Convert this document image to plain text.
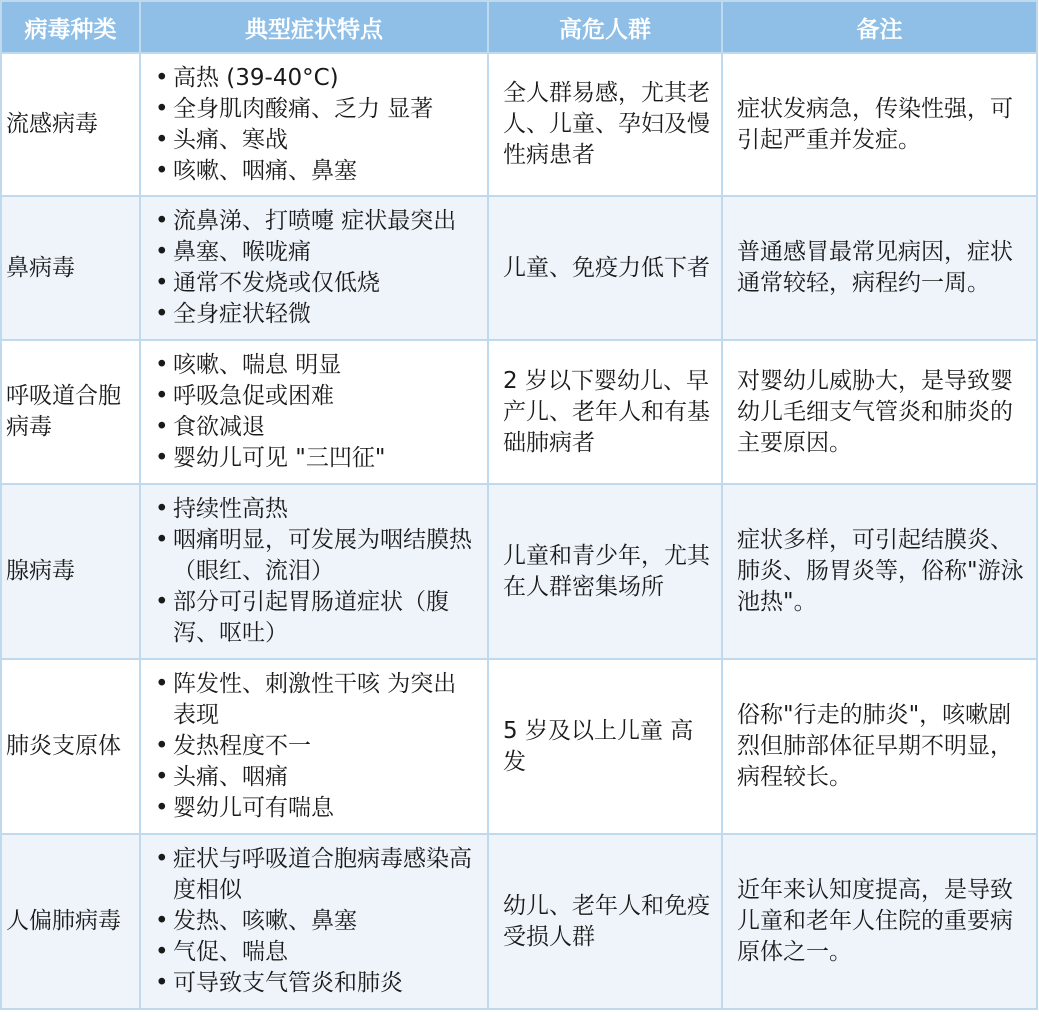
病毒种类	典型症状特点	高危人群	备注
流感病毒	• 高热 (39-40°C)
• 全身肌肉酸痛、乏力 显著
• 头痛、寒战
• 咳嗽、咽痛、鼻塞	全人群易感，尤其老人、儿童、孕妇及慢性病患者	症状发病急，传染性强，可引起严重并发症。
鼻病毒	• 流鼻涕、打喷嚏 症状最突出
• 鼻塞、喉咙痛
• 通常不发烧或仅低烧
• 全身症状轻微	儿童、免疫力低下者	普通感冒最常见病因，症状通常较轻，病程约一周。
呼吸道合胞病毒	• 咳嗽、喘息 明显
• 呼吸急促或困难
• 食欲减退
• 婴幼儿可见 "三凹征"	2 岁以下婴幼儿、早产儿、老年人和有基础肺病者	对婴幼儿威胁大，是导致婴幼儿毛细支气管炎和肺炎的主要原因。
腺病毒	• 持续性高热
• 咽痛明显，可发展为咽结膜热（眼红、流泪）
• 部分可引起胃肠道症状（腹泻、呕吐）	儿童和青少年，尤其在人群密集场所	症状多样，可引起结膜炎、肺炎、肠胃炎等，俗称"游泳池热"。
肺炎支原体	• 阵发性、刺激性干咳 为突出表现
• 发热程度不一
• 头痛、咽痛
• 婴幼儿可有喘息	5 岁及以上儿童 高发	俗称"行走的肺炎"，咳嗽剧烈但肺部体征早期不明显，病程较长。
人偏肺病毒	• 症状与呼吸道合胞病毒感染高度相似
• 发热、咳嗽、鼻塞
• 气促、喘息
• 可导致支气管炎和肺炎	幼儿、老年人和免疫受损人群	近年来认知度提高，是导致儿童和老年人住院的重要病原体之一。
